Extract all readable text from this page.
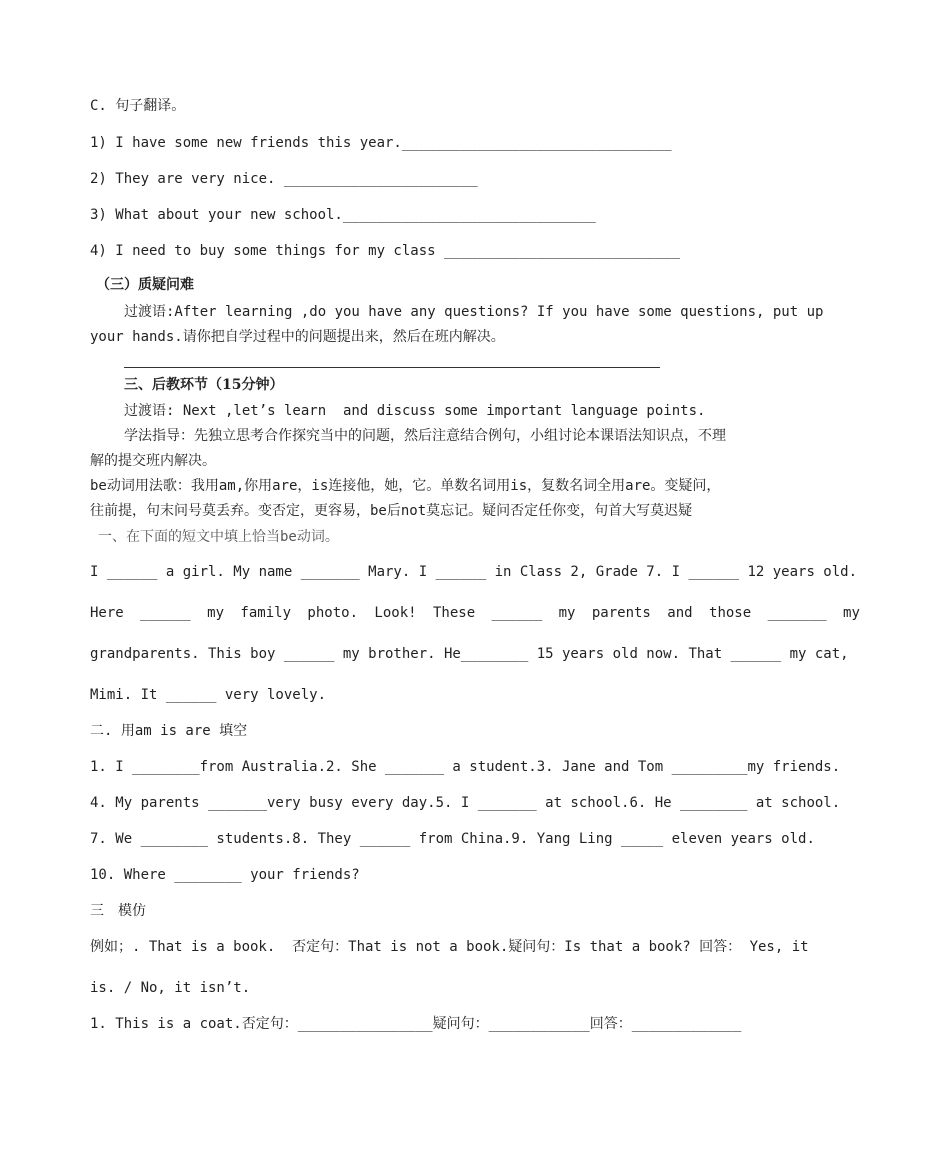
C. 句子翻译。
1) I have some new friends this year.________________________________
2) They are very nice. _______________________
3) What about your new school.______________________________
4) I need to buy some things for my class ____________________________
（三）质疑问难
过渡语:After learning ,do you have any questions? If you have some questions, put up
your hands.请你把自学过程中的问题提出来，然后在班内解决。
三、后教环节（15分钟）
过渡语: Next ,let’s learn  and discuss some important language points.
学法指导：先独立思考合作探究当中的问题，然后注意结合例句，小组讨论本课语法知识点，不理
解的提交班内解决。
be动词用法歌：我用am,你用are，is连接他，她，它。单数名词用is，复数名词全用are。变疑问，
往前提，句末问号莫丢弃。变否定，更容易，be后not莫忘记。疑问否定任你变，句首大写莫迟疑
一、在下面的短文中填上恰当be动词。
I ______ a girl. My name _______ Mary. I ______ in Class 2, Grade 7. I ______ 12 years old.
Here ______ my family photo. Look! These ______ my parents and those _______ my
grandparents. This boy ______ my brother. He________ 15 years old now. That ______ my cat,
Mimi. It ______ very lovely.
二. 用am is are 填空
1. I ________from Australia.2. She _______ a student.3. Jane and Tom _________my friends.
4. My parents _______very busy every day.5. I _______ at school.6. He ________ at school.
7. We ________ students.8. They ______ from China.9. Yang Ling _____ eleven years old.
10. Where ________ your friends?
三　模仿
例如；. That is a book.  否定句：That is not a book.疑问句：Is that a book? 回答： Yes, it
is. / No, it isn’t.
1. This is a coat.否定句：________________疑问句：____________回答：_____________
